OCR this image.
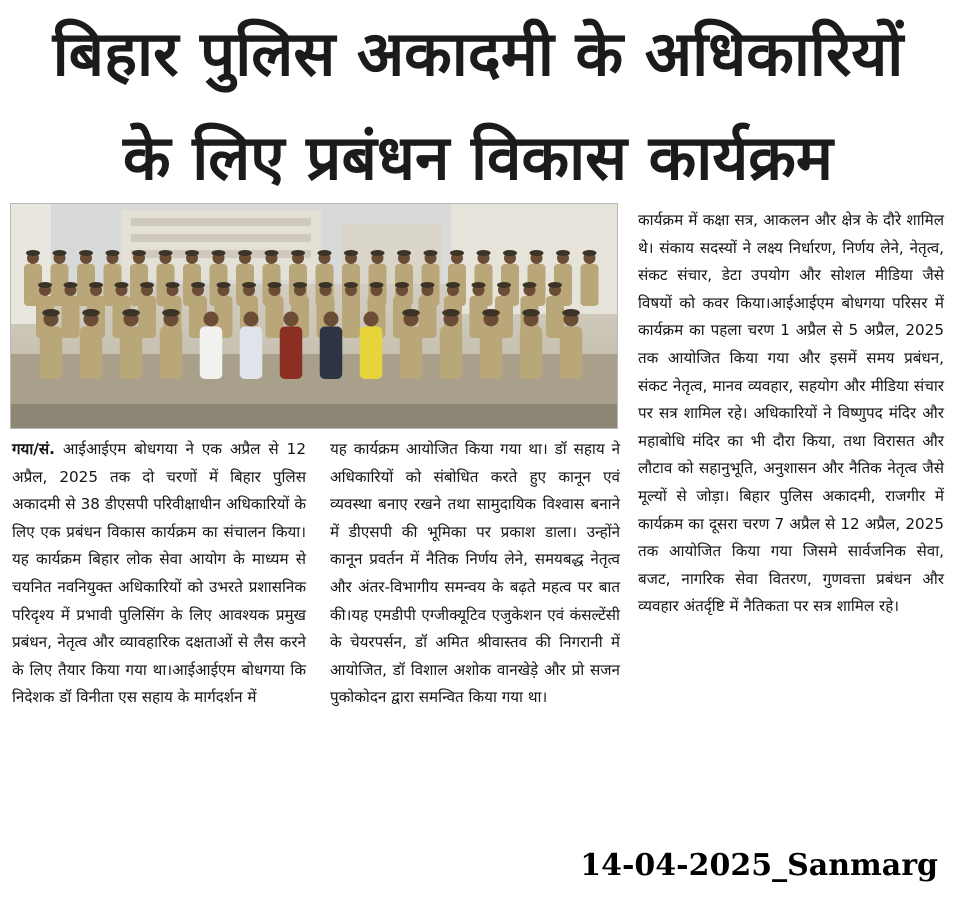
बिहार पुलिस अकादमी के अधिकारियों
के लिए प्रबंधन विकास कार्यक्रम

गया/सं. आईआईएम बोधगया ने एक अप्रैल से 12 अप्रैल, 2025 तक दो चरणों में बिहार पुलिस अकादमी से 38 डीएसपी परिवीक्षाधीन अधिकारियों के लिए एक प्रबंधन विकास कार्यक्रम का संचालन किया। यह कार्यक्रम बिहार लोक सेवा आयोग के माध्यम से चयनित नवनियुक्त अधिकारियों को उभरते प्रशासनिक परिदृश्य में प्रभावी पुलिसिंग के लिए आवश्यक प्रमुख प्रबंधन, नेतृत्व और व्यावहारिक दक्षताओं से लैस करने के लिए तैयार किया गया था।आईआईएम बोधगया कि निदेशक डॉ विनीता एस सहाय के मार्गदर्शन में

यह कार्यक्रम आयोजित किया गया था। डॉ सहाय ने अधिकारियों को संबोधित करते हुए कानून एवं व्यवस्था बनाए रखने तथा सामुदायिक विश्वास बनाने में डीएसपी की भूमिका पर प्रकाश डाला। उन्होंने कानून प्रवर्तन में नैतिक निर्णय लेने, समयबद्ध नेतृत्व और अंतर-विभागीय समन्वय के बढ़ते महत्व पर बात की।यह एमडीपी एग्जीक्यूटिव एजुकेशन एवं कंसल्टेंसी के चेयरपर्सन, डॉ अमित श्रीवास्तव की निगरानी में आयोजित, डॉ विशाल अशोक वानखेड़े और प्रो सजन पुकोकोदन द्वारा समन्वित किया गया था।

कार्यक्रम में कक्षा सत्र, आकलन और क्षेत्र के दौरे शामिल थे। संकाय सदस्यों ने लक्ष्य निर्धारण, निर्णय लेने, नेतृत्व, संकट संचार, डेटा उपयोग और सोशल मीडिया जैसे विषयों को कवर किया।आईआईएम बोधगया परिसर में कार्यक्रम का पहला चरण 1 अप्रैल से 5 अप्रैल, 2025 तक आयोजित किया गया और इसमें समय प्रबंधन, संकट नेतृत्व, मानव व्यवहार, सहयोग और मीडिया संचार पर सत्र शामिल रहे। अधिकारियों ने विष्णुपद मंदिर और महाबोधि मंदिर का भी दौरा किया, तथा विरासत और लौटाव को सहानुभूति, अनुशासन और नैतिक नेतृत्व जैसे मूल्यों से जोड़ा। बिहार पुलिस अकादमी, राजगीर में कार्यक्रम का दूसरा चरण 7 अप्रैल से 12 अप्रैल, 2025 तक आयोजित किया गया जिसमे सार्वजनिक सेवा, बजट, नागरिक सेवा वितरण, गुणवत्ता प्रबंधन और व्यवहार अंतर्दृष्टि में नैतिकता पर सत्र शामिल रहे।

14-04-2025_Sanmarg
